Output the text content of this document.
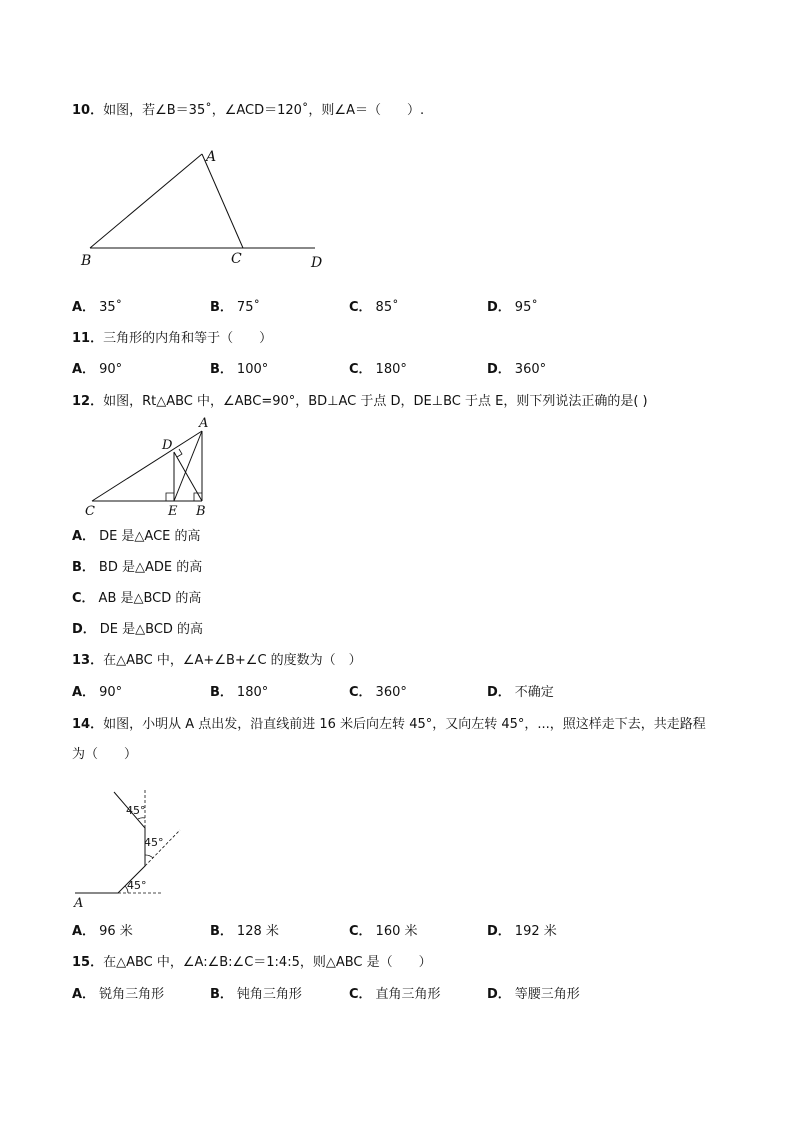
10．如图，若∠B＝35˚，∠ACD＝120˚，则∠A＝（　　）.
A
B	C	D
A． 35˚	B． 75˚	C． 85˚	D． 95˚
11．三角形的内角和等于（　　）
A． 90°	B． 100°	C． 180°	D． 360°
12．如图，Rt△ABC 中，∠ABC=90°，BD⊥AC 于点 D，DE⊥BC 于点 E，则下列说法正确的是( )
A
D
C	E B
A． DE 是△ACE 的高
B． BD 是△ADE 的高
C． AB 是△BCD 的高
D． DE 是△BCD 的高
13．在△ABC 中，∠A+∠B+∠C 的度数为（　）
A． 90°	B． 180°	C． 360°	D． 不确定
14．如图，小明从 A 点出发，沿直线前进 16 米后向左转 45°，又向左转 45°，...，照这样走下去，共走路程
为（　　）
45°
45°
45°
A
A． 96 米	B． 128 米	C． 160 米	D． 192 米
15．在△ABC 中，∠A:∠B:∠C＝1:4:5，则△ABC 是（　　）
A． 锐角三角形	B． 钝角三角形	C． 直角三角形	D． 等腰三角形
